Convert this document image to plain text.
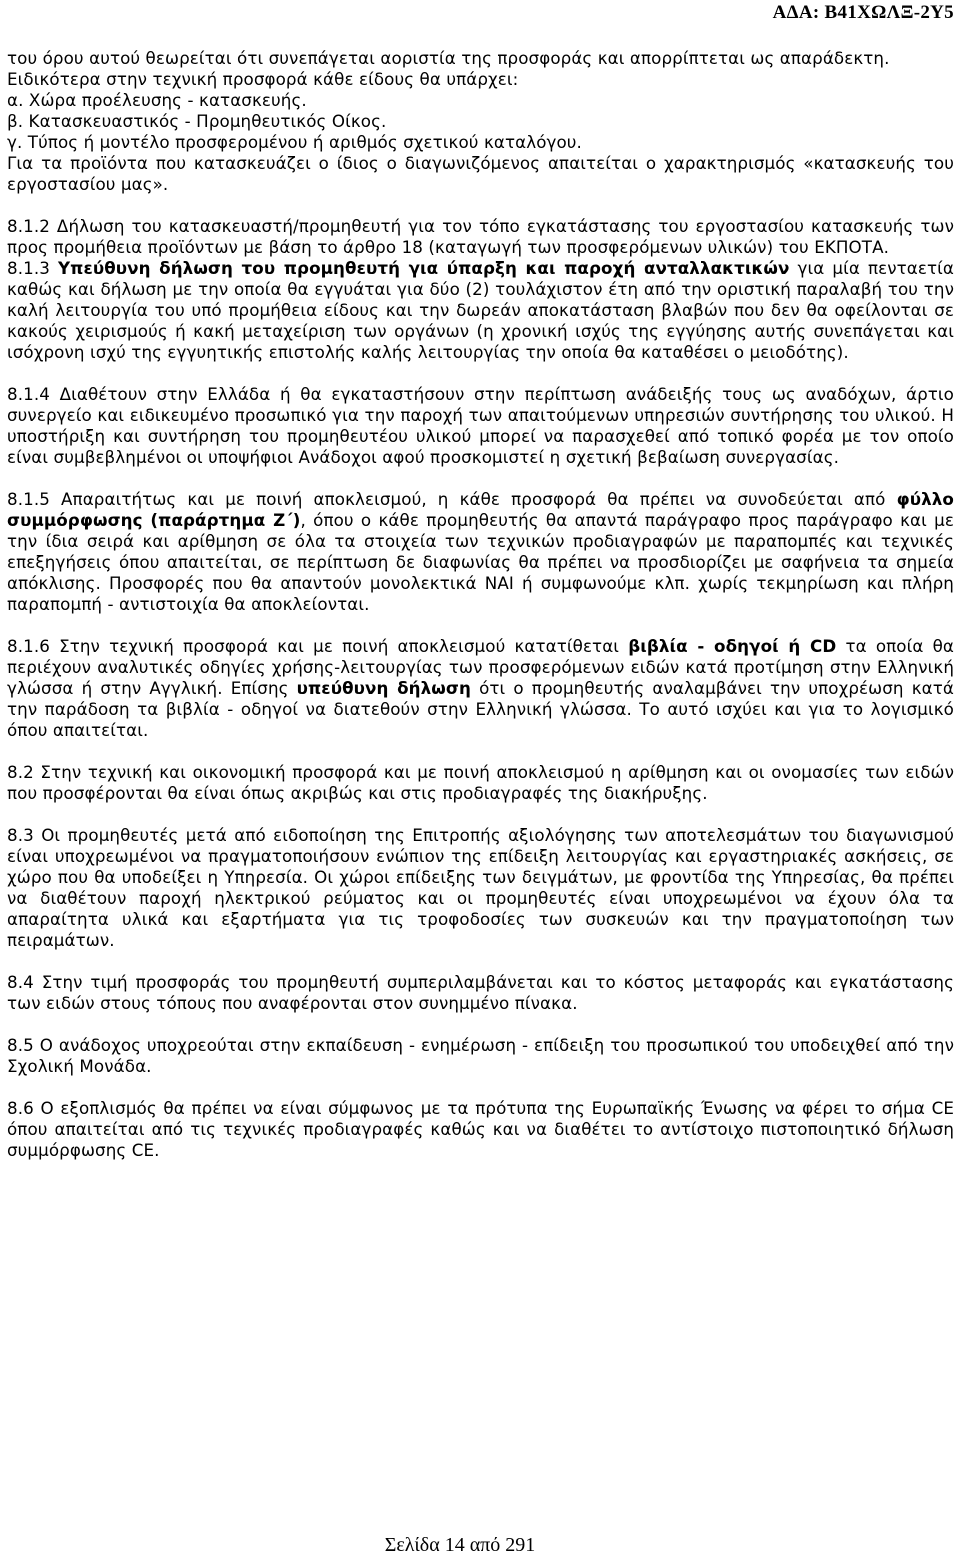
ΑΔΑ: Β41ΧΩΛΞ-2Υ5

του όρου αυτού θεωρείται ότι συνεπάγεται αοριστία της προσφοράς και απορρίπτεται ως απαράδεκτη.

Ειδικότερα στην τεχνική προσφορά κάθε είδους θα υπάρχει:

α. Χώρα προέλευσης - κατασκευής.

β. Κατασκευαστικός - Προμηθευτικός Οίκος.

γ. Τύπος ή μοντέλο προσφερομένου ή αριθμός σχετικού καταλόγου.

Για τα προϊόντα που κατασκευάζει ο ίδιος ο διαγωνιζόμενος απαιτείται ο χαρακτηρισμός «κατασκευής του εργοστασίου μας».

8.1.2 Δήλωση του κατασκευαστή/προμηθευτή για τον τόπο εγκατάστασης του εργοστασίου κατασκευής των προς προμήθεια προϊόντων με βάση το άρθρο 18 (καταγωγή των προσφερόμενων υλικών) του ΕΚΠΟΤΑ.

8.1.3 Υπεύθυνη δήλωση του προμηθευτή για ύπαρξη και παροχή ανταλλακτικών για μία πενταετία καθώς και δήλωση με την οποία θα εγγυάται για δύο (2) τουλάχιστον έτη από την οριστική παραλαβή του την καλή λειτουργία του υπό προμήθεια είδους και την δωρεάν αποκατάσταση βλαβών που δεν θα οφείλονται σε κακούς χειρισμούς ή κακή μεταχείριση των οργάνων (η χρονική ισχύς της εγγύησης αυτής συνεπάγεται και ισόχρονη ισχύ της εγγυητικής επιστολής καλής λειτουργίας την οποία θα καταθέσει ο μειοδότης).

8.1.4 Διαθέτουν στην Ελλάδα ή θα εγκαταστήσουν στην περίπτωση ανάδειξής τους ως αναδόχων, άρτιο συνεργείο και ειδικευμένο προσωπικό για την παροχή των απαιτούμενων υπηρεσιών συντήρησης του υλικού. Η υποστήριξη και συντήρηση του προμηθευτέου υλικού μπορεί να παρασχεθεί από τοπικό φορέα με τον οποίο είναι συμβεβλημένοι οι υποψήφιοι Ανάδοχοι αφού προσκομιστεί η σχετική βεβαίωση συνεργασίας.

8.1.5 Απαραιτήτως και με ποινή αποκλεισμού, η κάθε προσφορά θα πρέπει να συνοδεύεται από φύλλο συμμόρφωσης (παράρτημα Ζ΄), όπου ο κάθε προμηθευτής θα απαντά παράγραφο προς παράγραφο και με την ίδια σειρά και αρίθμηση σε όλα τα στοιχεία των τεχνικών προδιαγραφών με παραπομπές και τεχνικές επεξηγήσεις όπου απαιτείται, σε περίπτωση δε διαφωνίας θα πρέπει να προσδιορίζει με σαφήνεια τα σημεία απόκλισης. Προσφορές που θα απαντούν μονολεκτικά ΝΑΙ ή συμφωνούμε κλπ. χωρίς τεκμηρίωση και πλήρη παραπομπή - αντιστοιχία θα αποκλείονται.

8.1.6 Στην τεχνική προσφορά και με ποινή αποκλεισμού κατατίθεται βιβλία - οδηγοί ή CD τα οποία θα περιέχουν αναλυτικές οδηγίες χρήσης-λειτουργίας των προσφερόμενων ειδών κατά προτίμηση στην Ελληνική γλώσσα ή στην Αγγλική. Επίσης υπεύθυνη δήλωση ότι ο προμηθευτής αναλαμβάνει την υποχρέωση κατά την παράδοση τα βιβλία - οδηγοί να διατεθούν στην Ελληνική γλώσσα. Το αυτό ισχύει και για το λογισμικό όπου απαιτείται.

8.2 Στην τεχνική και οικονομική προσφορά και με ποινή αποκλεισμού η αρίθμηση και οι ονομασίες των ειδών που προσφέρονται θα είναι όπως ακριβώς και στις προδιαγραφές της διακήρυξης.

8.3 Οι προμηθευτές μετά από ειδοποίηση της Επιτροπής αξιολόγησης των αποτελεσμάτων του διαγωνισμού είναι υποχρεωμένοι να πραγματοποιήσουν ενώπιον της επίδειξη λειτουργίας και εργαστηριακές ασκήσεις, σε χώρο που θα υποδείξει η Υπηρεσία. Οι χώροι επίδειξης των δειγμάτων, με φροντίδα της Υπηρεσίας, θα πρέπει να διαθέτουν παροχή ηλεκτρικού ρεύματος και οι προμηθευτές είναι υποχρεωμένοι να έχουν όλα τα απαραίτητα υλικά και εξαρτήματα για τις τροφοδοσίες των συσκευών και την πραγματοποίηση των πειραμάτων.

8.4 Στην τιμή προσφοράς του προμηθευτή συμπεριλαμβάνεται και το κόστος μεταφοράς και εγκατάστασης των ειδών στους τόπους που αναφέρονται στον συνημμένο πίνακα.

8.5 Ο ανάδοχος υποχρεούται στην εκπαίδευση - ενημέρωση - επίδειξη του προσωπικού του υποδειχθεί από την Σχολική Μονάδα.

8.6 Ο εξοπλισμός θα πρέπει να είναι σύμφωνος με τα πρότυπα της Ευρωπαϊκής Ένωσης να φέρει το σήμα CE όπου απαιτείται από τις τεχνικές προδιαγραφές καθώς και να διαθέτει το αντίστοιχο πιστοποιητικό δήλωση συμμόρφωσης CE.

Σελίδα 14 από 291
